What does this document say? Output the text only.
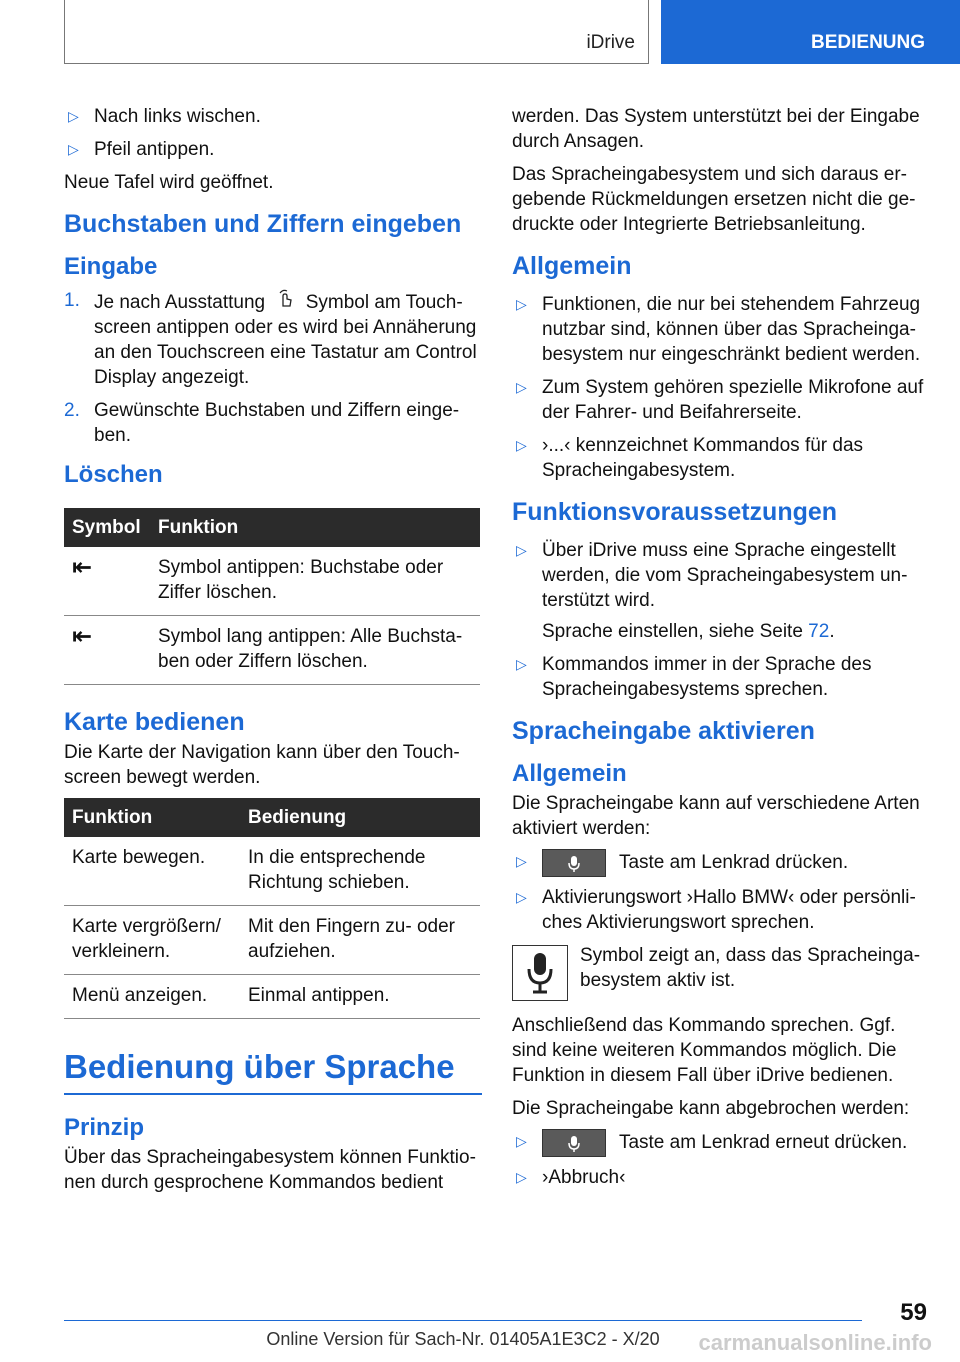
iDrive	BEDIENUNG
▷ Nach links wischen.
▷ Pfeil antippen.

Neue Tafel wird geöffnet.

Buchstaben und Ziffern eingeben
Eingabe
1. Je nach Ausstattung Symbol am Touchscreen antippen oder es wird bei Annäherung an den Touchscreen eine Tastatur am Control Display angezeigt.
2. Gewünschte Buchstaben und Ziffern eingeben.
Löschen
Symbol	Funktion
⇤	Symbol antippen: Buchstabe oder Ziffer löschen.
⇤	Symbol lang antippen: Alle Buchstaben oder Ziffern löschen.
Karte bedienen

Die Karte der Navigation kann über den Touchscreen bewegt werden.

Funktion	Bedienung
Karte bewegen.	In die entsprechende Richtung schieben.
Karte vergrößern/ verkleinern.	Mit den Fingern zu- oder aufziehen.
Menü anzeigen.	Einmal antippen.
Bedienung über Sprache
Prinzip

Über das Spracheingabesystem können Funktionen durch gesprochene Kommandos bedient

werden. Das System unterstützt bei der Eingabe durch Ansagen.

Das Spracheingabesystem und sich daraus ergebende Rückmeldungen ersetzen nicht die gedruckte oder Integrierte Betriebsanleitung.

Allgemein
▷ Funktionen, die nur bei stehendem Fahrzeug nutzbar sind, können über das Spracheingabesystem nur eingeschränkt bedient werden.
▷ Zum System gehören spezielle Mikrofone auf der Fahrer- und Beifahrerseite.
▷ ›...‹ kennzeichnet Kommandos für das Spracheingabesystem.
Funktionsvoraussetzungen
▷ Über iDrive muss eine Sprache eingestellt werden, die vom Spracheingabesystem unterstützt wird.
Sprache einstellen, siehe Seite 72.
▷ Kommandos immer in der Sprache des Spracheingabesystems sprechen.
Spracheingabe aktivieren
Allgemein

Die Spracheingabe kann auf verschiedene Arten aktiviert werden:

▷	Taste am Lenkrad drücken.
▷ Aktivierungswort ›Hallo BMW‹ oder persönliches Aktivierungswort sprechen.
Symbol zeigt an, dass das Spracheingabesystem aktiv ist.

Anschließend das Kommando sprechen. Ggf. sind keine weiteren Kommandos möglich. Die Funktion in diesem Fall über iDrive bedienen.

Die Spracheingabe kann abgebrochen werden:

▷	Taste am Lenkrad erneut drücken.
▷ ›Abbruch‹
59
Online Version für Sach-Nr. 01405A1E3C2 - X/20	carmanualsonline.info
